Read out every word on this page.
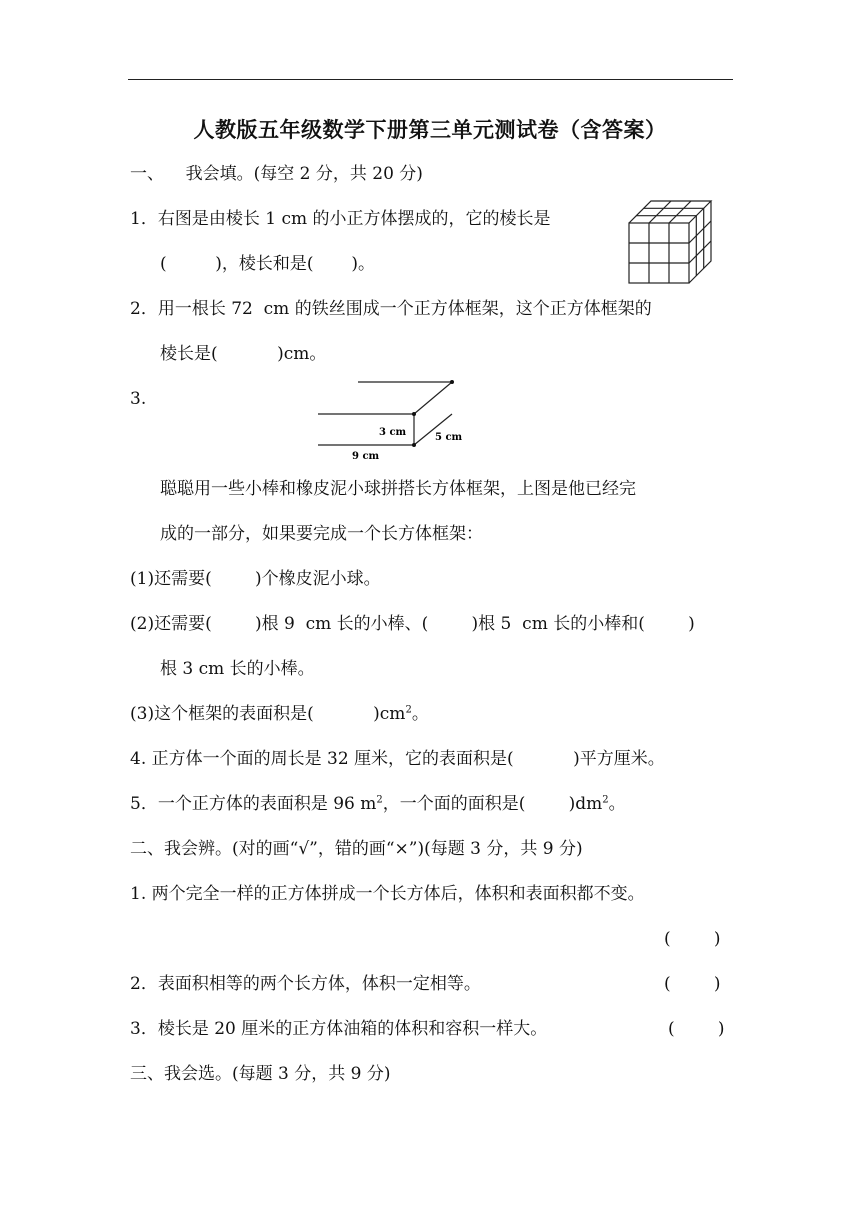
人教版五年级数学下册第三单元测试卷（含答案）
一、    我会填。(每空 2 分，共 20 分)
1．右图是由棱长 1 cm 的小正方体摆成的，它的棱长是
(         )，棱长和是(       )。
2．用一根长 72  cm 的铁丝围成一个正方体框架，这个正方体框架的
棱长是(           )cm。
3.
3 cm	5 cm
9 cm
聪聪用一些小棒和橡皮泥小球拼搭长方体框架，上图是他已经完
成的一部分，如果要完成一个长方体框架：
(1)还需要(        )个橡皮泥小球。
(2)还需要(        )根 9  cm 长的小棒、(        )根 5  cm 长的小棒和(        )
根 3 cm 长的小棒。
(3)这个框架的表面积是(           )$cm^2$。
4. 正方体一个面的周长是 32 厘米，它的表面积是(           )平方厘米。
5．一个正方体的表面积是 96 $m^2$，一个面的面积是(        )$dm^2$。
二、我会辨。(对的画“√”，错的画“×”)(每题 3 分，共 9 分)
1. 两个完全一样的正方体拼成一个长方体后，体积和表面积都不变。
(        )
2．表面积相等的两个长方体，体积一定相等。	(        )
3．棱长是 20 厘米的正方体油箱的体积和容积一样大。	(        )
三、我会选。(每题 3 分，共 9 分)
